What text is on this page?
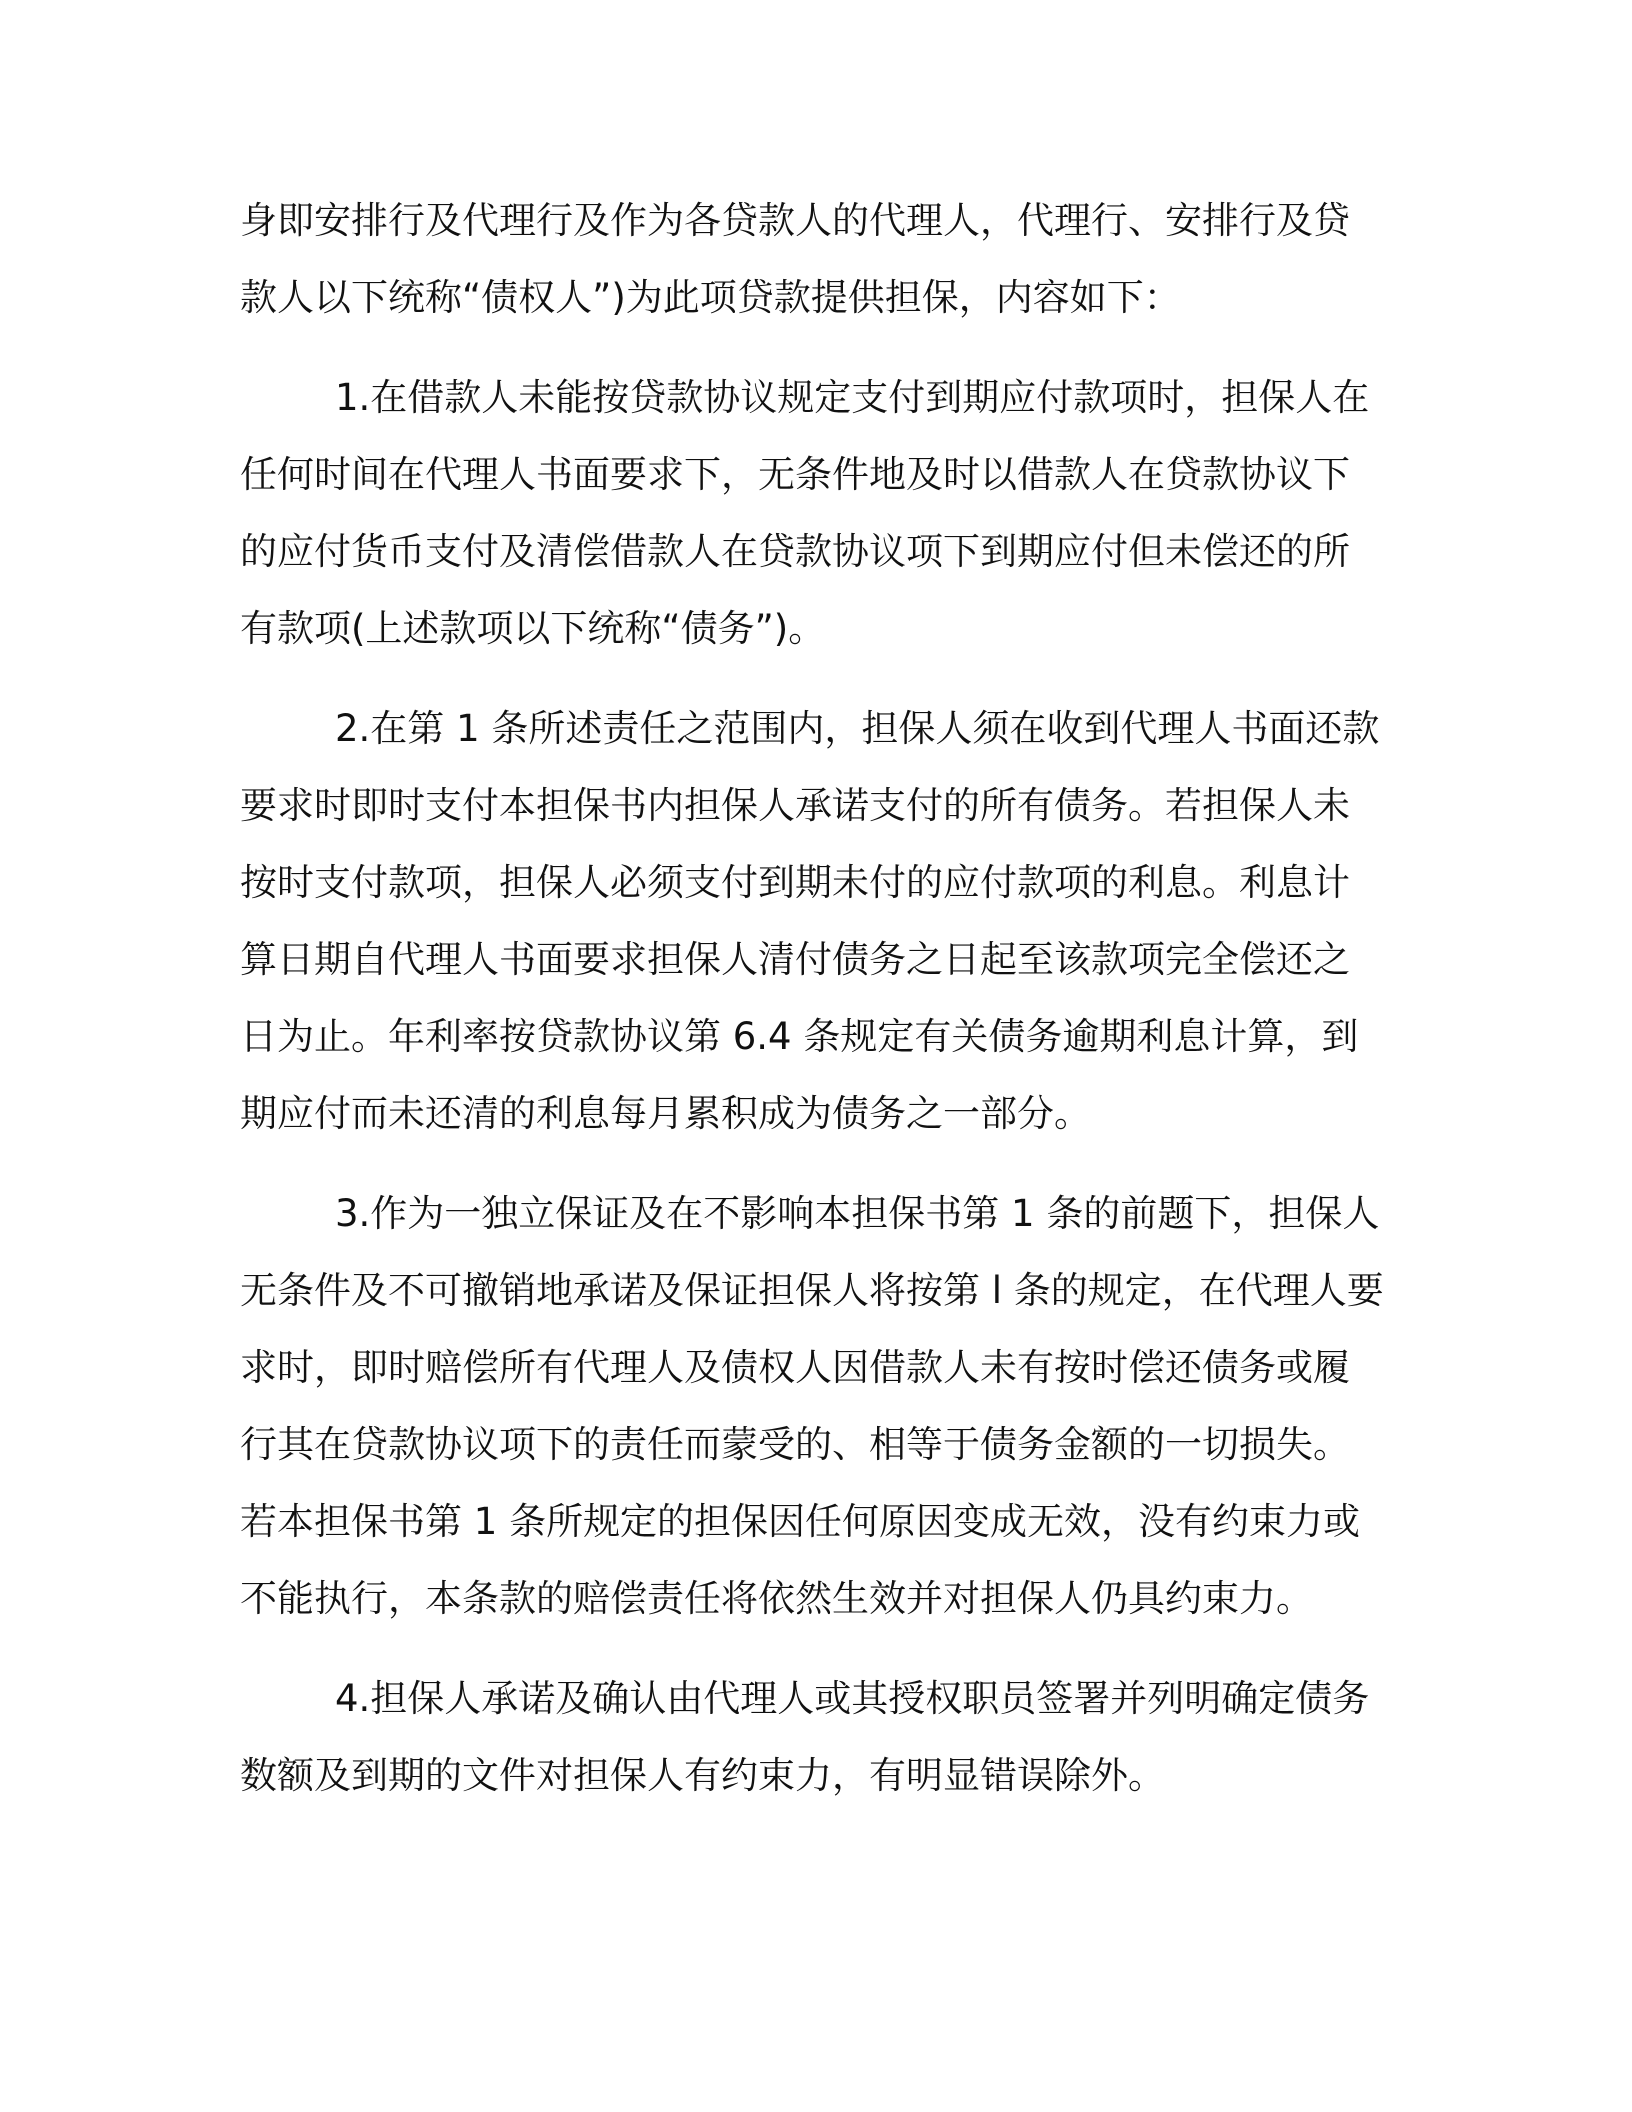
身即安排行及代理行及作为各贷款人的代理人，代理行、安排行及贷
款人以下统称“债权人”)为此项贷款提供担保，内容如下：
1.在借款人未能按贷款协议规定支付到期应付款项时，担保人在
任何时间在代理人书面要求下，无条件地及时以借款人在贷款协议下
的应付货币支付及清偿借款人在贷款协议项下到期应付但未偿还的所
有款项(上述款项以下统称“债务”)。
2.在第 1 条所述责任之范围内，担保人须在收到代理人书面还款
要求时即时支付本担保书内担保人承诺支付的所有债务。若担保人未
按时支付款项，担保人必须支付到期未付的应付款项的利息。利息计
算日期自代理人书面要求担保人清付债务之日起至该款项完全偿还之
日为止。年利率按贷款协议第 6.4 条规定有关债务逾期利息计算，到
期应付而未还清的利息每月累积成为债务之一部分。
3.作为一独立保证及在不影响本担保书第 1 条的前题下，担保人
无条件及不可撤销地承诺及保证担保人将按第 l 条的规定，在代理人要
求时，即时赔偿所有代理人及债权人因借款人未有按时偿还债务或履
行其在贷款协议项下的责任而蒙受的、相等于债务金额的一切损失。
若本担保书第 1 条所规定的担保因任何原因变成无效，没有约束力或
不能执行，本条款的赔偿责任将依然生效并对担保人仍具约束力。
4.担保人承诺及确认由代理人或其授权职员签署并列明确定债务
数额及到期的文件对担保人有约束力，有明显错误除外。
